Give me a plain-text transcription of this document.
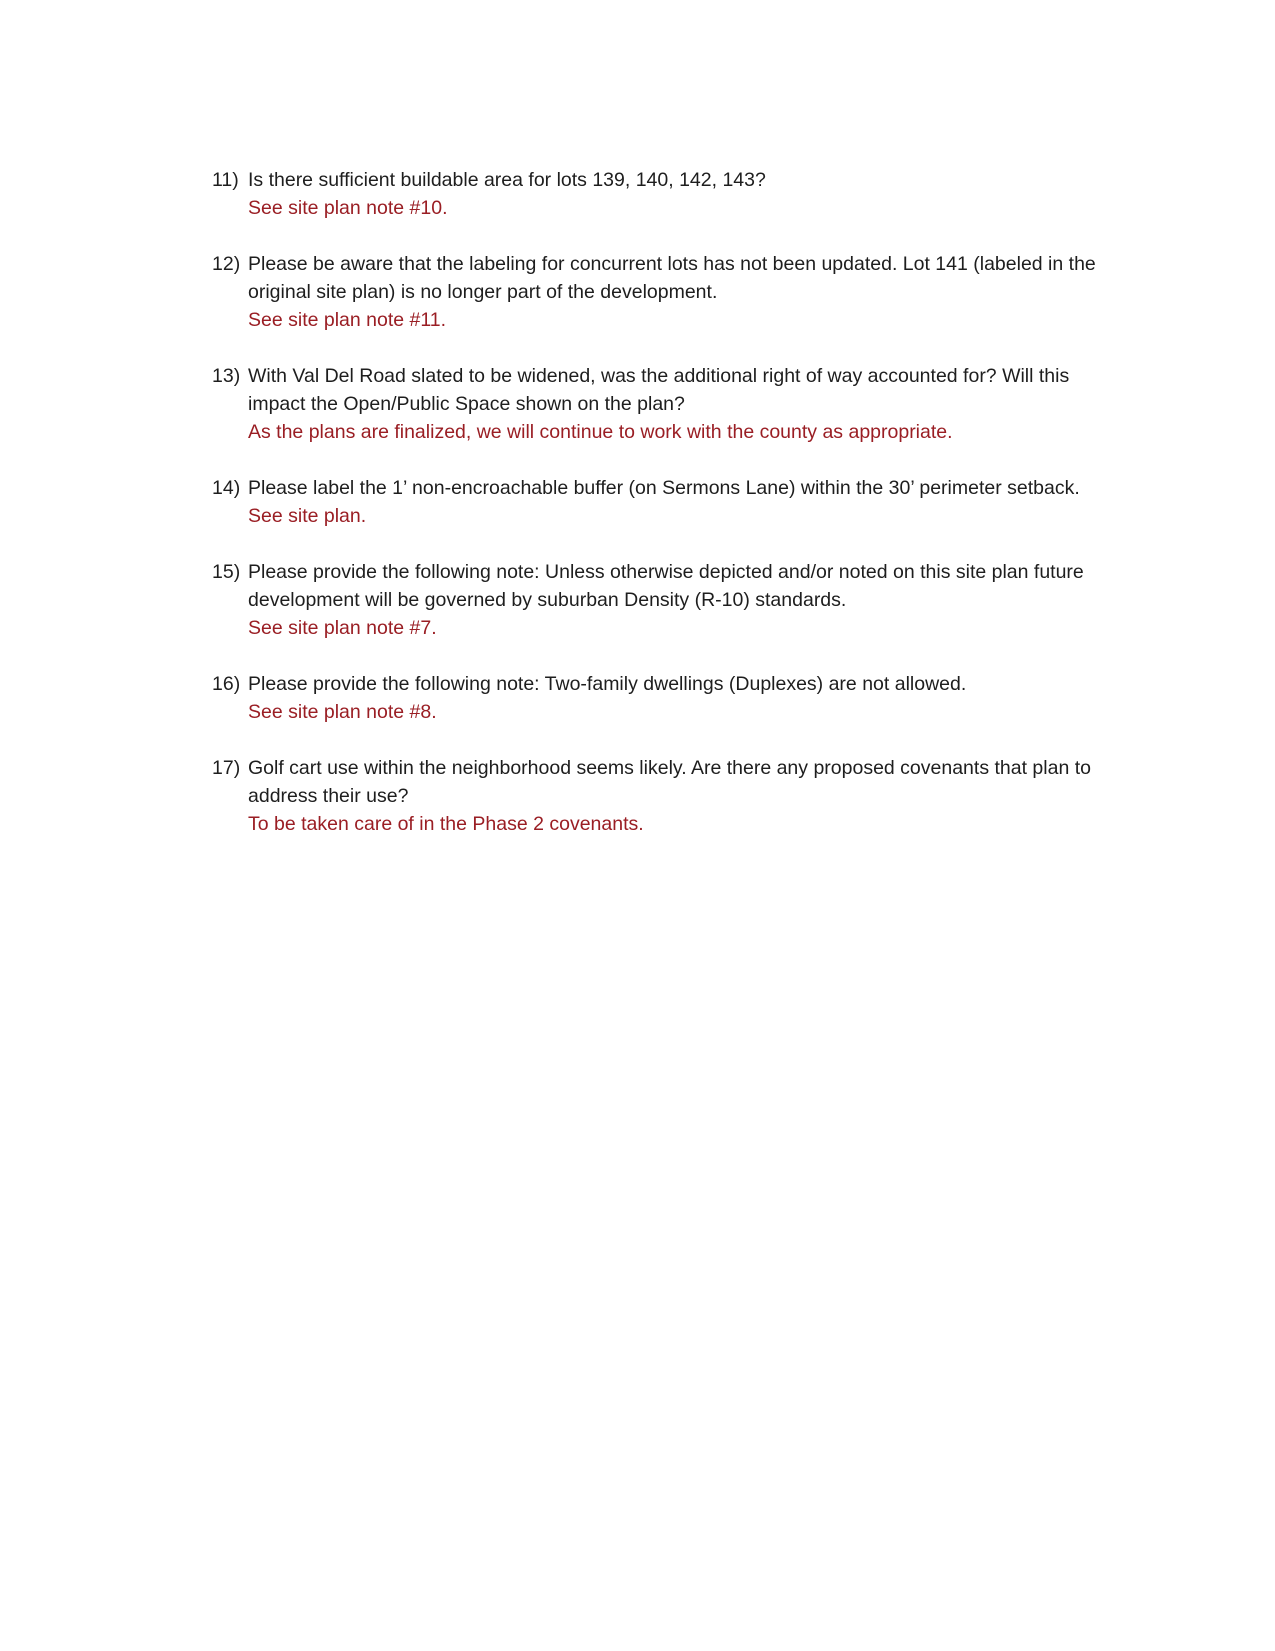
11) Is there sufficient buildable area for lots 139, 140, 142, 143?
See site plan note #10.
12) Please be aware that the labeling for concurrent lots has not been updated. Lot 141 (labeled in the original site plan) is no longer part of the development.
See site plan note #11.
13) With Val Del Road slated to be widened, was the additional right of way accounted for? Will this impact the Open/Public Space shown on the plan?
As the plans are finalized, we will continue to work with the county as appropriate.
14) Please label the 1’ non-encroachable buffer (on Sermons Lane) within the 30’ perimeter setback.
See site plan.
15) Please provide the following note: Unless otherwise depicted and/or noted on this site plan future development will be governed by suburban Density (R-10) standards.
See site plan note #7.
16) Please provide the following note: Two-family dwellings (Duplexes) are not allowed.
See site plan note #8.
17) Golf cart use within the neighborhood seems likely. Are there any proposed covenants that plan to address their use?
To be taken care of in the Phase 2 covenants.
